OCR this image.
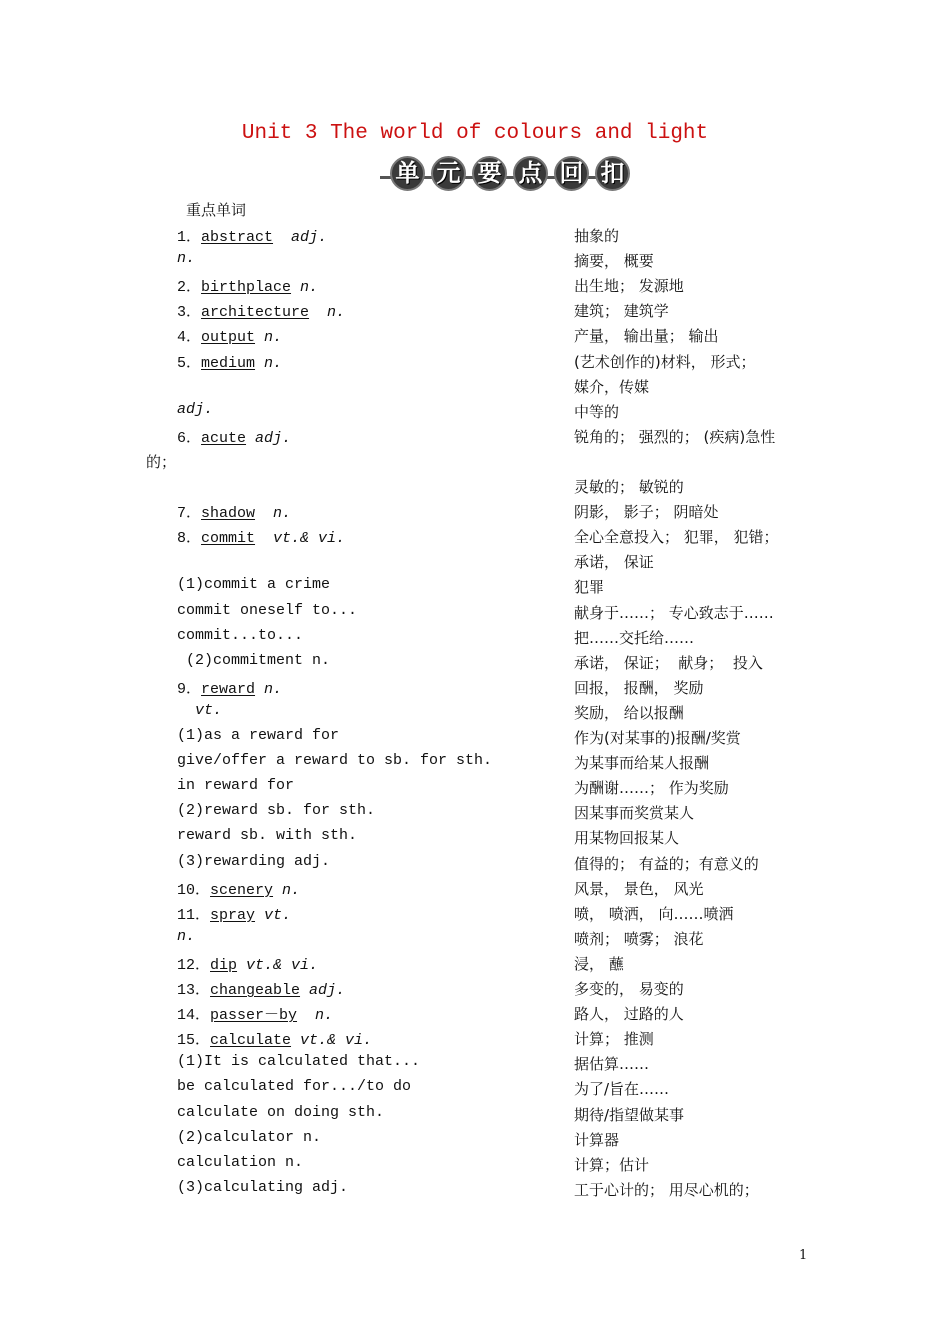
Unit 3 The world of colours and light
单 元 要 点 回 扣
重点单词
1．abstract  adj.	抽象的
n.	摘要， 概要
2．birthplace n.	出生地； 发源地
3．architecture  n.	建筑； 建筑学
4．output n.	产量， 输出量； 输出
5．medium n.	(艺术创作的)材料， 形式；
媒介，传媒
adj.	中等的
6．acute adj.	锐角的； 强烈的； (疾病)急性
的；
灵敏的； 敏锐的
7．shadow  n.	阴影， 影子； 阴暗处
8．commit  vt.& vi.	全心全意投入； 犯罪， 犯错；
承诺， 保证
(1)commit a crime	犯罪
commit oneself to...	献身于……； 专心致志于……
commit...to...	把……交托给……
(2)commitment n.	承诺， 保证；  献身；  投入
9．reward n.	回报， 报酬， 奖励
vt.	奖励， 给以报酬
(1)as a reward for	作为(对某事的)报酬/奖赏
give/offer a reward to sb. for sth.	为某事而给某人报酬
in reward for	为酬谢……； 作为奖励
(2)reward sb. for sth.	因某事而奖赏某人
reward sb. with sth.	用某物回报某人
(3)rewarding adj.	值得的； 有益的；有意义的
10．scenery n.	风景， 景色， 风光
11．spray vt.	喷， 喷洒， 向……喷洒
n.	喷剂； 喷雾； 浪花
12．dip vt.& vi.	浸， 蘸
13．changeable adj.	多变的， 易变的
14．passer－by  n.	路人， 过路的人
15．calculate vt.& vi.	计算； 推测
(1)It is calculated that...	据估算……
be calculated for.../to do	为了/旨在……
calculate on doing sth.	期待/指望做某事
(2)calculator n.	计算器
calculation n.	计算；估计
(3)calculating adj.	工于心计的； 用尽心机的；
1
